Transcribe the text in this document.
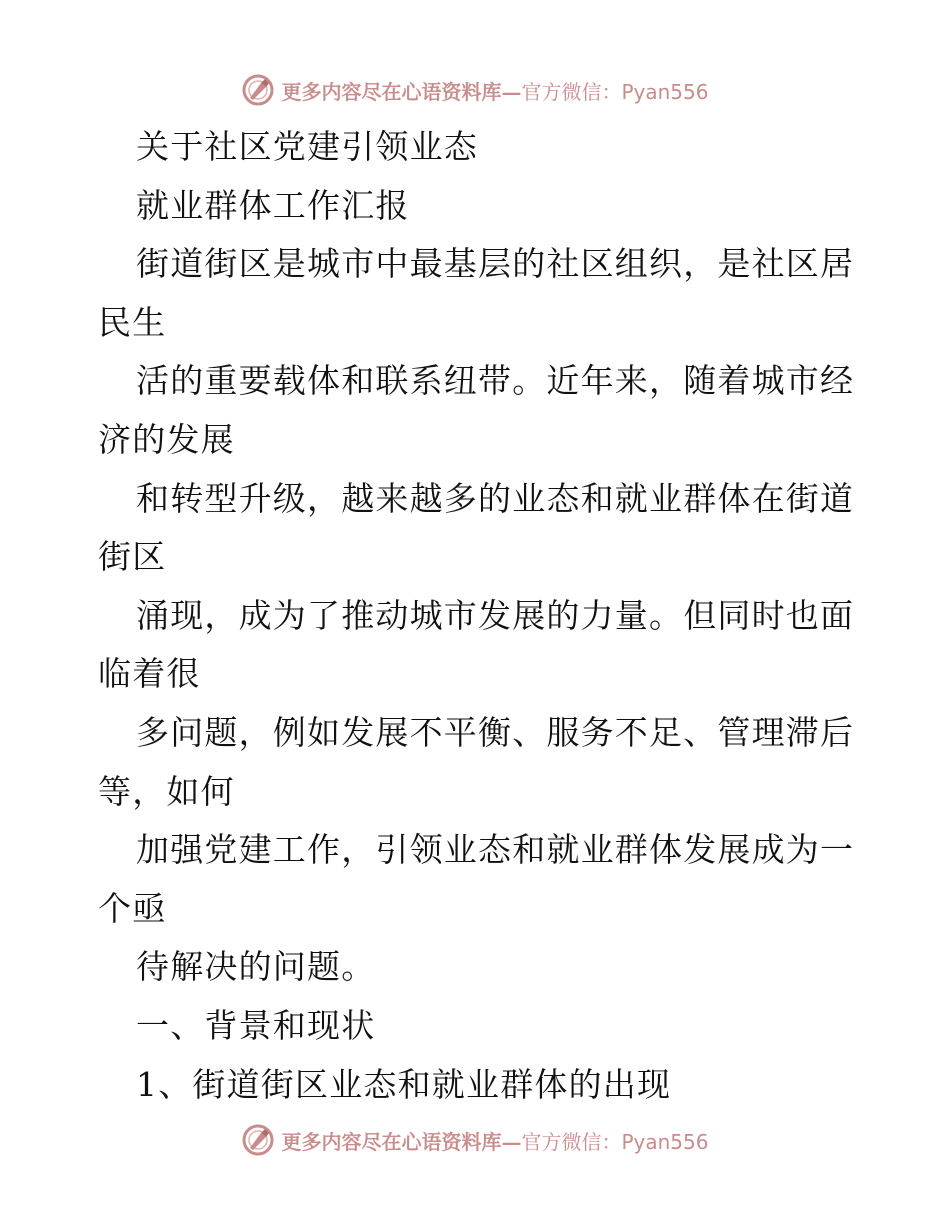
更多内容尽在心语资料库—官方微信：Pyan556
关于社区党建引领业态
就业群体工作汇报
街道街区是城市中最基层的社区组织，是社区居
民生
活的重要载体和联系纽带。近年来，随着城市经
济的发展
和转型升级，越来越多的业态和就业群体在街道
街区
涌现，成为了推动城市发展的力量。但同时也面
临着很
多问题，例如发展不平衡、服务不足、管理滞后
等，如何
加强党建工作，引领业态和就业群体发展成为一
个亟
待解决的问题。
一、背景和现状
1、街道街区业态和就业群体的出现
更多内容尽在心语资料库—官方微信：Pyan556
